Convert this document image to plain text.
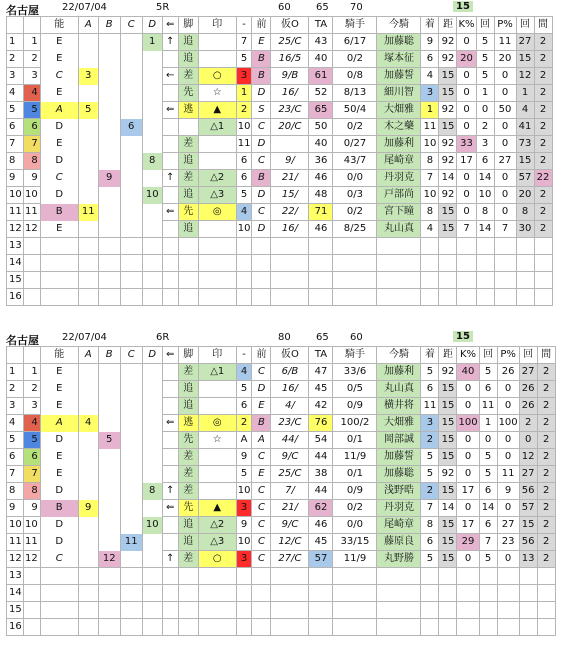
名古屋 22/07/04	5R	60	65 70	15
		能	A	B	C	D	⇐	脚	印	-	前	仮O	TA	騎手	今騎	着	距	K%	回	P%	回	間
1	1	E				1	↑	追		7	E	25/C	43	6/17	加藤聡	9	92	0	5	11	27	2
2	2	E						追		5	B	16/5	40	0/2	塚本征	6	92	20	5	20	15	2
3	3	C	3				←	差	○	3	B	9/B	61	0/8	加藤誓	4	15	0	5	0	12	2
4	4	E						先	☆	1	D	16/	52	8/13	細川智	3	15	0	1	0	1	2
5	5	A	5				⇐	逃	▲	2	S	23/C	65	50/4	大畑雅	1	92	0	0	50	4	2
6	6	D			6				△1	10	C	20/C	50	0/2	木之藥	11	15	0	2	0	41	2
7	7	E						差		11	D		40	0/27	加藤利	10	92	33	3	0	73	2
8	8	D				8		追		6	C	9/	36	43/7	尾崎章	8	92	17	6	27	15	2
9	9	C		9			↑	差	△2	6	B	21/	46	0/0	丹羽克	7	14	0	14	0	57	22
10	10	D				10		追	△3	5	D	15/	48	0/3	戸部尚	10	92	0	10	0	20	2
11	11	B	11				⇐	先	◎	4	C	22/	71	0/2	宮下瞳	8	15	0	8	0	8	2
12	12	E						追		10	D	16/	46	8/25	丸山真	4	15	7	14	7	30	2
13																						
14																						
15																						
16																						
名古屋 22/07/04	6R	80	65 60	15
		能	A	B	C	D	⇐	脚	印	-	前	仮O	TA	騎手	今騎	着	距	K%	回	P%	回	間
1	1	E						差	△1	4	C	6/B	47	33/6	加藤利	5	92	40	5	26	27	2
2	2	E						追		5	D	16/	45	0/5	丸山真	6	15	0	6	0	26	2
3	3	E						追		6	E	4/	42	0/9	横井将	11	15	0	11	0	26	2
4	4	A	4				⇐	逃	◎	2	B	23/C	76	100/2	大畑雅	3	15	100	1	100	2	2
5	5	D		5				先	☆	A	A	44/	54	0/1	岡部誠	2	15	0	0	0	0	2
6	6	E						差		9	C	9/C	44	11/9	加藤誓	5	15	0	5	0	12	2
7	7	E						差		5	E	25/C	38	0/1	加藤聡	5	92	0	5	11	27	2
8	8	D				8	↑	差		10	C	7/	44	0/9	浅野晧	2	15	17	6	9	56	2
9	9	B	9				⇐	先	▲	3	C	21/	62	0/2	丹羽克	7	14	0	14	0	57	2
10	10	D				10		追	△2	9	C	9/C	46	0/0	尾崎章	8	15	17	6	27	15	2
11	11	D			11			追	△3	10	C	12/C	45	33/15	藤原良	6	15	29	7	23	56	2
12	12	C		12			↑	差	○	3	C	27/C	57	11/9	丸野勝	5	15	0	5	0	13	2
13																						
14																						
15																						
16																						
